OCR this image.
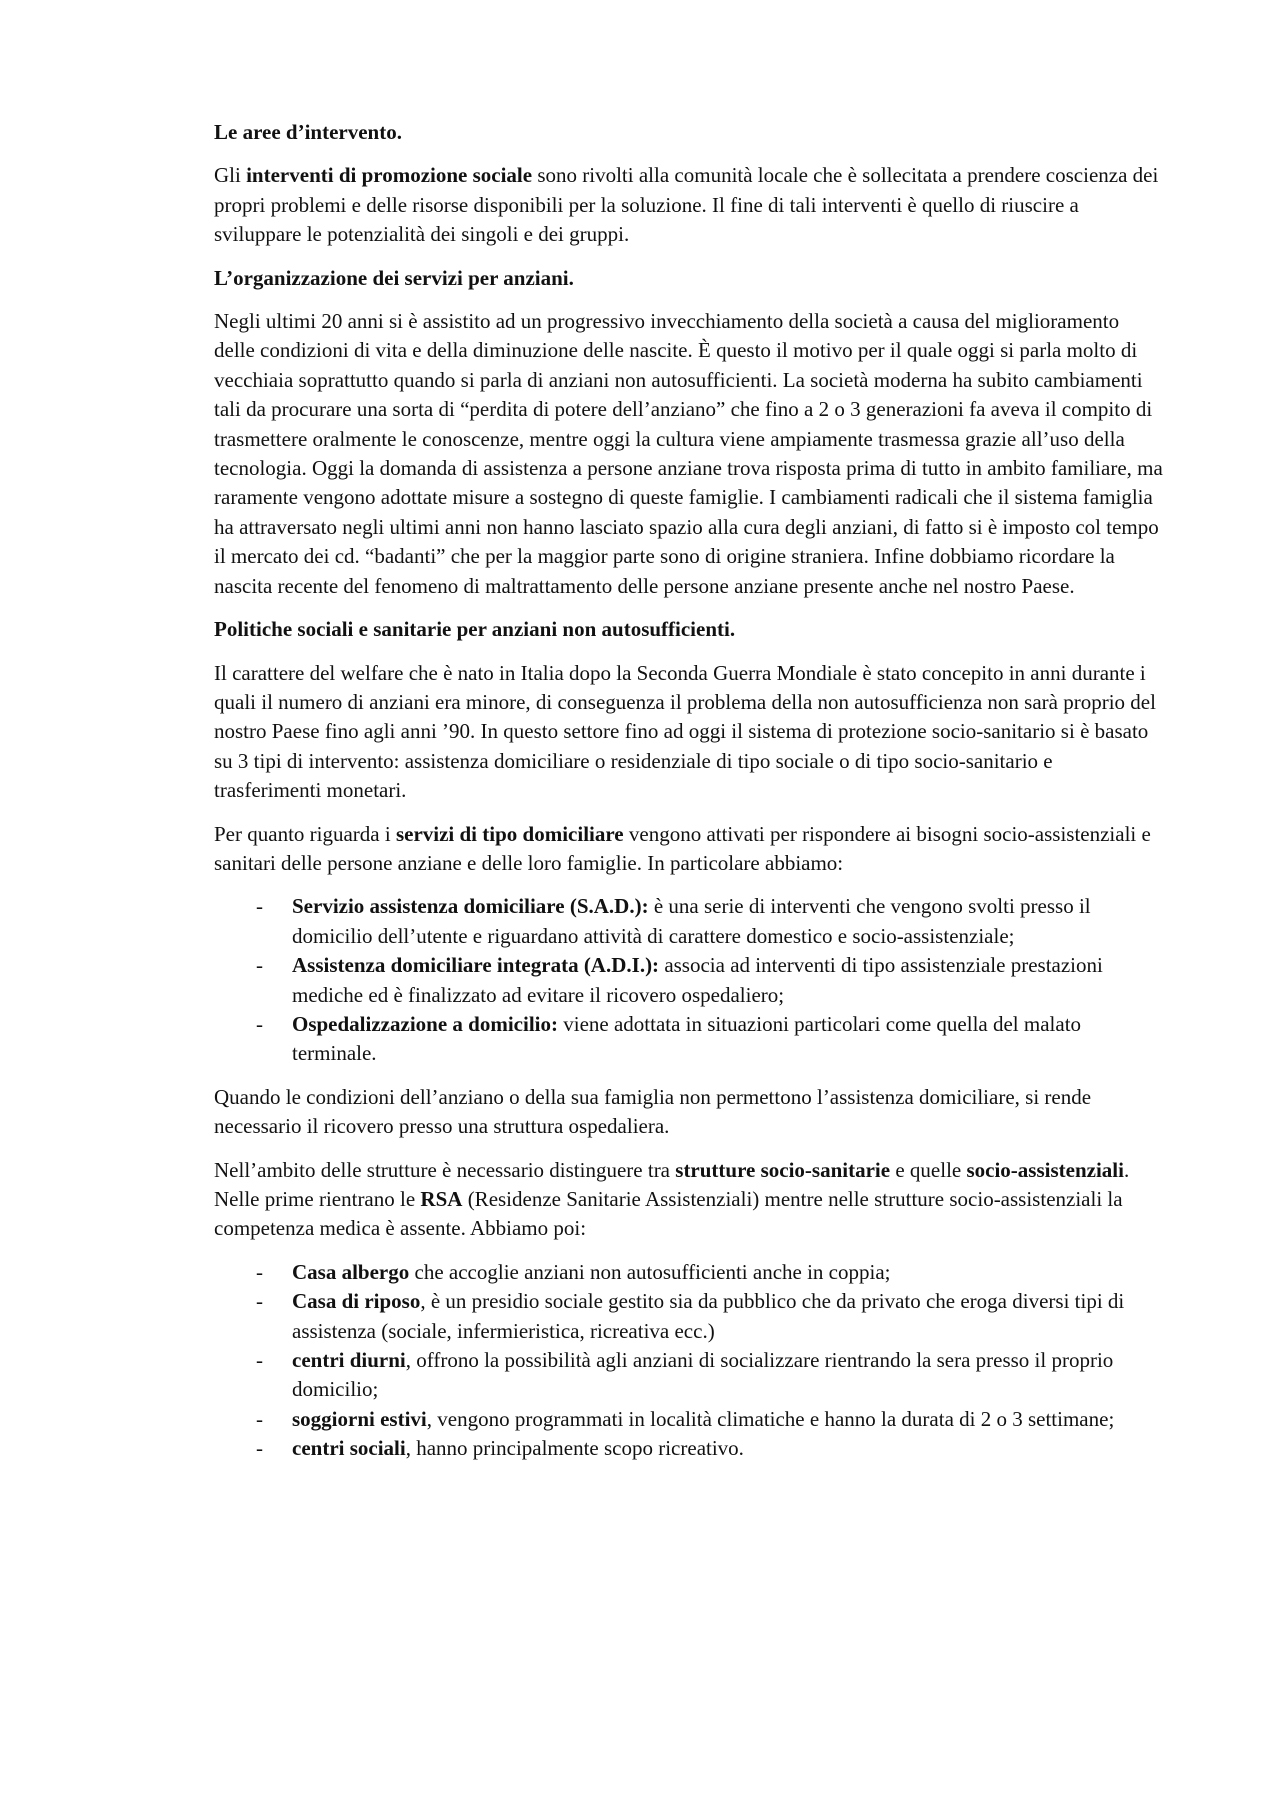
Le aree d’intervento.

Gli interventi di promozione sociale sono rivolti alla comunità locale che è sollecitata a prendere coscienza dei propri problemi e delle risorse disponibili per la soluzione. Il fine di tali interventi è quello di riuscire a sviluppare le potenzialità dei singoli e dei gruppi.

L’organizzazione dei servizi per anziani.

Negli ultimi 20 anni si è assistito ad un progressivo invecchiamento della società a causa del miglioramento delle condizioni di vita e della diminuzione delle nascite. È questo il motivo per il quale oggi si parla molto di vecchiaia soprattutto quando si parla di anziani non autosufficienti. La società moderna ha subito cambiamenti tali da procurare una sorta di “perdita di potere dell’anziano” che fino a 2 o 3 generazioni fa aveva il compito di trasmettere oralmente le conoscenze, mentre oggi la cultura viene ampiamente trasmessa grazie all’uso della tecnologia. Oggi la domanda di assistenza a persone anziane trova risposta prima di tutto in ambito familiare, ma raramente vengono adottate misure a sostegno di queste famiglie. I cambiamenti radicali che il sistema famiglia ha attraversato negli ultimi anni non hanno lasciato spazio alla cura degli anziani, di fatto si è imposto col tempo il mercato dei cd. “badanti” che per la maggior parte sono di origine straniera. Infine dobbiamo ricordare la nascita recente del fenomeno di maltrattamento delle persone anziane presente anche nel nostro Paese.

Politiche sociali e sanitarie per anziani non autosufficienti.

Il carattere del welfare che è nato in Italia dopo la Seconda Guerra Mondiale è stato concepito in anni durante i quali il numero di anziani era minore, di conseguenza il problema della non autosufficienza non sarà proprio del nostro Paese fino agli anni ’90. In questo settore fino ad oggi il sistema di protezione socio-sanitario si è basato su 3 tipi di intervento: assistenza domiciliare o residenziale di tipo sociale o di tipo socio-sanitario e trasferimenti monetari.

Per quanto riguarda i servizi di tipo domiciliare vengono attivati per rispondere ai bisogni socio-assistenziali e sanitari delle persone anziane e delle loro famiglie. In particolare abbiamo:

- Servizio assistenza domiciliare (S.A.D.): è una serie di interventi che vengono svolti presso il domicilio dell’utente e riguardano attività di carattere domestico e socio-assistenziale;
- Assistenza domiciliare integrata (A.D.I.): associa ad interventi di tipo assistenziale prestazioni mediche ed è finalizzato ad evitare il ricovero ospedaliero;
- Ospedalizzazione a domicilio: viene adottata in situazioni particolari come quella del malato terminale.

Quando le condizioni dell’anziano o della sua famiglia non permettono l’assistenza domiciliare, si rende necessario il ricovero presso una struttura ospedaliera.

Nell’ambito delle strutture è necessario distinguere tra strutture socio-sanitarie e quelle socio-assistenziali. Nelle prime rientrano le RSA (Residenze Sanitarie Assistenziali) mentre nelle strutture socio-assistenziali la competenza medica è assente. Abbiamo poi:

- Casa albergo che accoglie anziani non autosufficienti anche in coppia;
- Casa di riposo, è un presidio sociale gestito sia da pubblico che da privato che eroga diversi tipi di assistenza (sociale, infermieristica, ricreativa ecc.)
- centri diurni, offrono la possibilità agli anziani di socializzare rientrando la sera presso il proprio domicilio;
- soggiorni estivi, vengono programmati in località climatiche e hanno la durata di 2 o 3 settimane;
- centri sociali, hanno principalmente scopo ricreativo.
